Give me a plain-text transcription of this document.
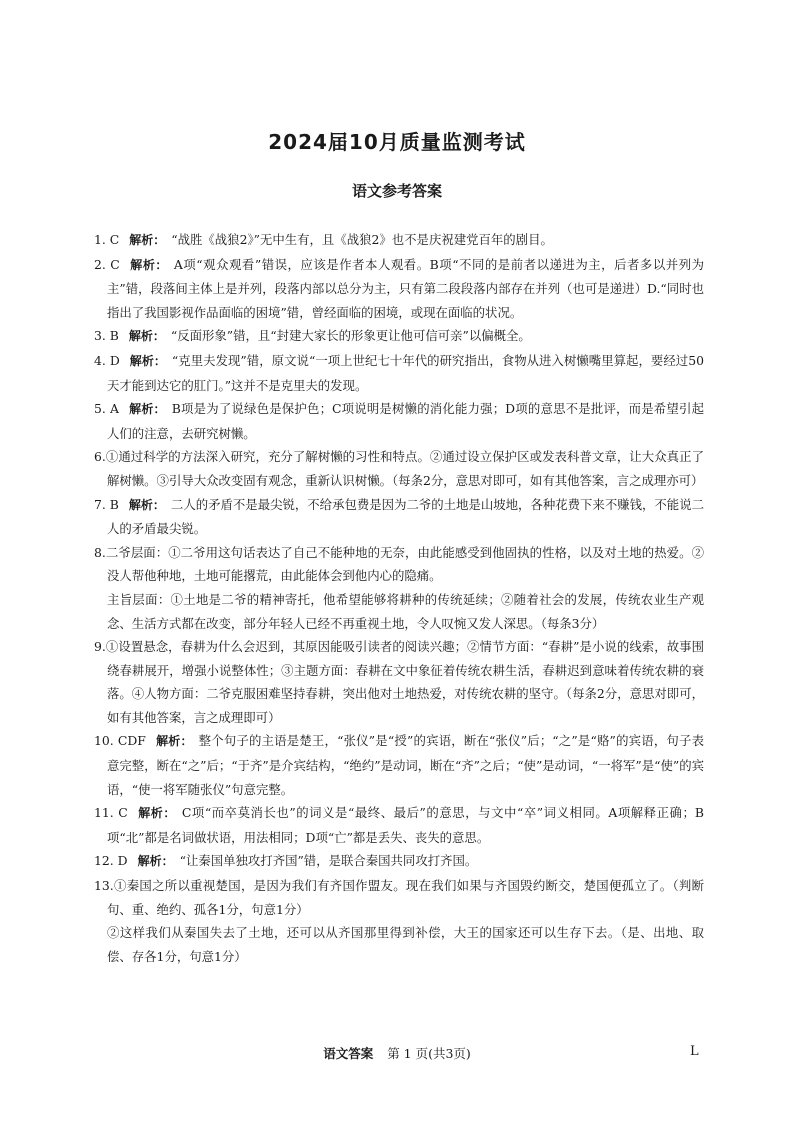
2024届10月质量监测考试
语文参考答案

1. C 解析： “战胜《战狼2》”无中生有，且《战狼2》也不是庆祝建党百年的剧目。

2. C 解析： A项“观众观看”错误，应该是作者本人观看。B项“不同的是前者以递进为主，后者多以并列为主”错，段落间主体上是并列，段落内部以总分为主，只有第二段段落内部存在并列（也可是递进）D.“同时也指出了我国影视作品面临的困境”错，曾经面临的困境，或现在面临的状况。

3. B 解析： “反面形象”错，且“封建大家长的形象更让他可信可亲”以偏概全。

4. D 解析： “克里夫发现”错，原文说“一项上世纪七十年代的研究指出，食物从进入树懒嘴里算起，要经过50天才能到达它的肛门。”这并不是克里夫的发现。

5. A 解析： B项是为了说绿色是保护色；C项说明是树懒的消化能力强；D项的意思不是批评，而是希望引起人们的注意，去研究树懒。

6.①通过科学的方法深入研究，充分了解树懒的习性和特点。②通过设立保护区或发表科普文章，让大众真正了解树懒。③引导大众改变固有观念，重新认识树懒。（每条2分，意思对即可，如有其他答案，言之成理亦可）

7. B 解析： 二人的矛盾不是最尖锐，不给承包费是因为二爷的土地是山坡地，各种花费下来不赚钱，不能说二人的矛盾最尖锐。

8.二爷层面：①二爷用这句话表达了自己不能种地的无奈，由此能感受到他固执的性格，以及对土地的热爱。②没人帮他种地，土地可能撂荒，由此能体会到他内心的隐痛。

主旨层面：①土地是二爷的精神寄托，他希望能够将耕种的传统延续；②随着社会的发展，传统农业生产观念、生活方式都在改变，部分年轻人已经不再重视土地，令人叹惋又发人深思。（每条3分）

9.①设置悬念，春耕为什么会迟到，其原因能吸引读者的阅读兴趣；②情节方面：“春耕”是小说的线索，故事围绕春耕展开，增强小说整体性；③主题方面：春耕在文中象征着传统农耕生活，春耕迟到意味着传统农耕的衰落。④人物方面：二爷克服困难坚持春耕，突出他对土地热爱，对传统农耕的坚守。（每条2分，意思对即可，如有其他答案，言之成理即可）

10. CDF 解析： 整个句子的主语是楚王，“张仪”是“授”的宾语，断在“张仪”后；“之”是“赂”的宾语，句子表意完整，断在“之”后；“于齐”是介宾结构，“绝约”是动词，断在“齐”之后；“使”是动词，“一将军”是“使”的宾语，“使一将军随张仪”句意完整。

11. C 解析： C项“而卒莫消长也”的词义是“最终、最后”的意思，与文中“卒”词义相同。A项解释正确；B项“北”都是名词做状语，用法相同；D项“亡”都是丢失、丧失的意思。

12. D 解析： “让秦国单独攻打齐国”错，是联合秦国共同攻打齐国。

13.①秦国之所以重视楚国，是因为我们有齐国作盟友。现在我们如果与齐国毁约断交，楚国便孤立了。（判断句、重、绝约、孤各1分，句意1分）

②这样我们从秦国失去了土地，还可以从齐国那里得到补偿，大王的国家还可以生存下去。（是、出地、取偿、存各1分，句意1分）

语文答案 第 1 页(共3页)	L
